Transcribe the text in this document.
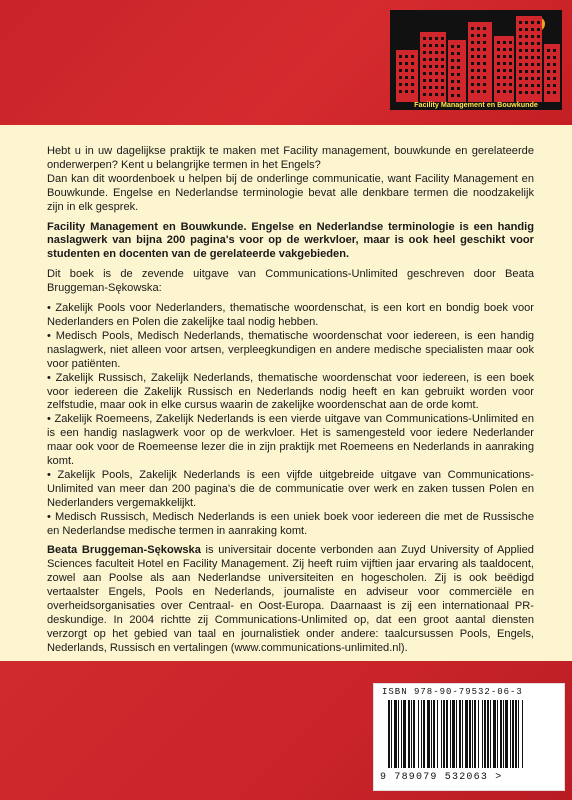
Facility Management en Bouwkunde

Hebt u in uw dagelijkse praktijk te maken met Facility management, bouwkunde en gerelateerde onderwerpen? Kent u belangrijke termen in het Engels?

Dan kan dit woordenboek u helpen bij de onderlinge communicatie, want Facility Management en Bouwkunde. Engelse en Nederlandse terminologie bevat alle denkbare termen die noodzakelijk zijn in elk gesprek.

Facility Management en Bouwkunde. Engelse en Nederlandse terminologie is een handig naslagwerk van bijna 200 pagina's voor op de werkvloer, maar is ook heel geschikt voor studenten en docenten van de gerelateerde vakgebieden.

Dit boek is de zevende uitgave van Communications-Unlimited geschreven door Beata Bruggeman-Sękowska:

• Zakelijk Pools voor Nederlanders, thematische woordenschat, is een kort en bondig boek voor Nederlanders en Polen die zakelijke taal nodig hebben.
• Medisch Pools, Medisch Nederlands, thematische woordenschat voor iedereen, is een handig naslagwerk, niet alleen voor artsen, verpleegkundigen en andere medische specialisten maar ook voor patiënten.
• Zakelijk Russisch, Zakelijk Nederlands, thematische woordenschat voor iedereen, is een boek voor iedereen die Zakelijk Russisch en Nederlands nodig heeft en kan gebruikt worden voor zelfstudie, maar ook in elke cursus waarin de zakelijke woordenschat aan de orde komt.
• Zakelijk Roemeens, Zakelijk Nederlands is een vierde uitgave van Communications-Unlimited en is een handig naslagwerk voor op de werkvloer. Het is samengesteld voor iedere Nederlander maar ook voor de Roemeense lezer die in zijn praktijk met Roemeens en Nederlands in aanraking komt.
• Zakelijk Pools, Zakelijk Nederlands is een vijfde uitgebreide uitgave van Communications-Unlimited van meer dan 200 pagina's die de communicatie over werk en zaken tussen Polen en Nederlanders vergemakkelijkt.
• Medisch Russisch, Medisch Nederlands is een uniek boek voor iedereen die met de Russische en Nederlandse medische termen in aanraking komt.

Beata Bruggeman-Sękowska is universitair docente verbonden aan Zuyd University of Applied Sciences faculteit Hotel en Facility Management. Zij heeft ruim vijftien jaar ervaring als taaldocent, zowel aan Poolse als aan Nederlandse universiteiten en hogescholen. Zij is ook beëdigd vertaalster Engels, Pools en Nederlands, journaliste en adviseur voor commerciële en overheidsorganisaties over Centraal- en Oost-Europa. Daarnaast is zij een internationaal PR-deskundige. In 2004 richtte zij Communications-Unlimited op, dat een groot aantal diensten verzorgt op het gebied van taal en journalistiek onder andere: taalcursussen Pools, Engels, Nederlands, Russisch en vertalingen (www.communications-unlimited.nl).

ISBN 978-90-79532-06-3
9 789079 532063 >
